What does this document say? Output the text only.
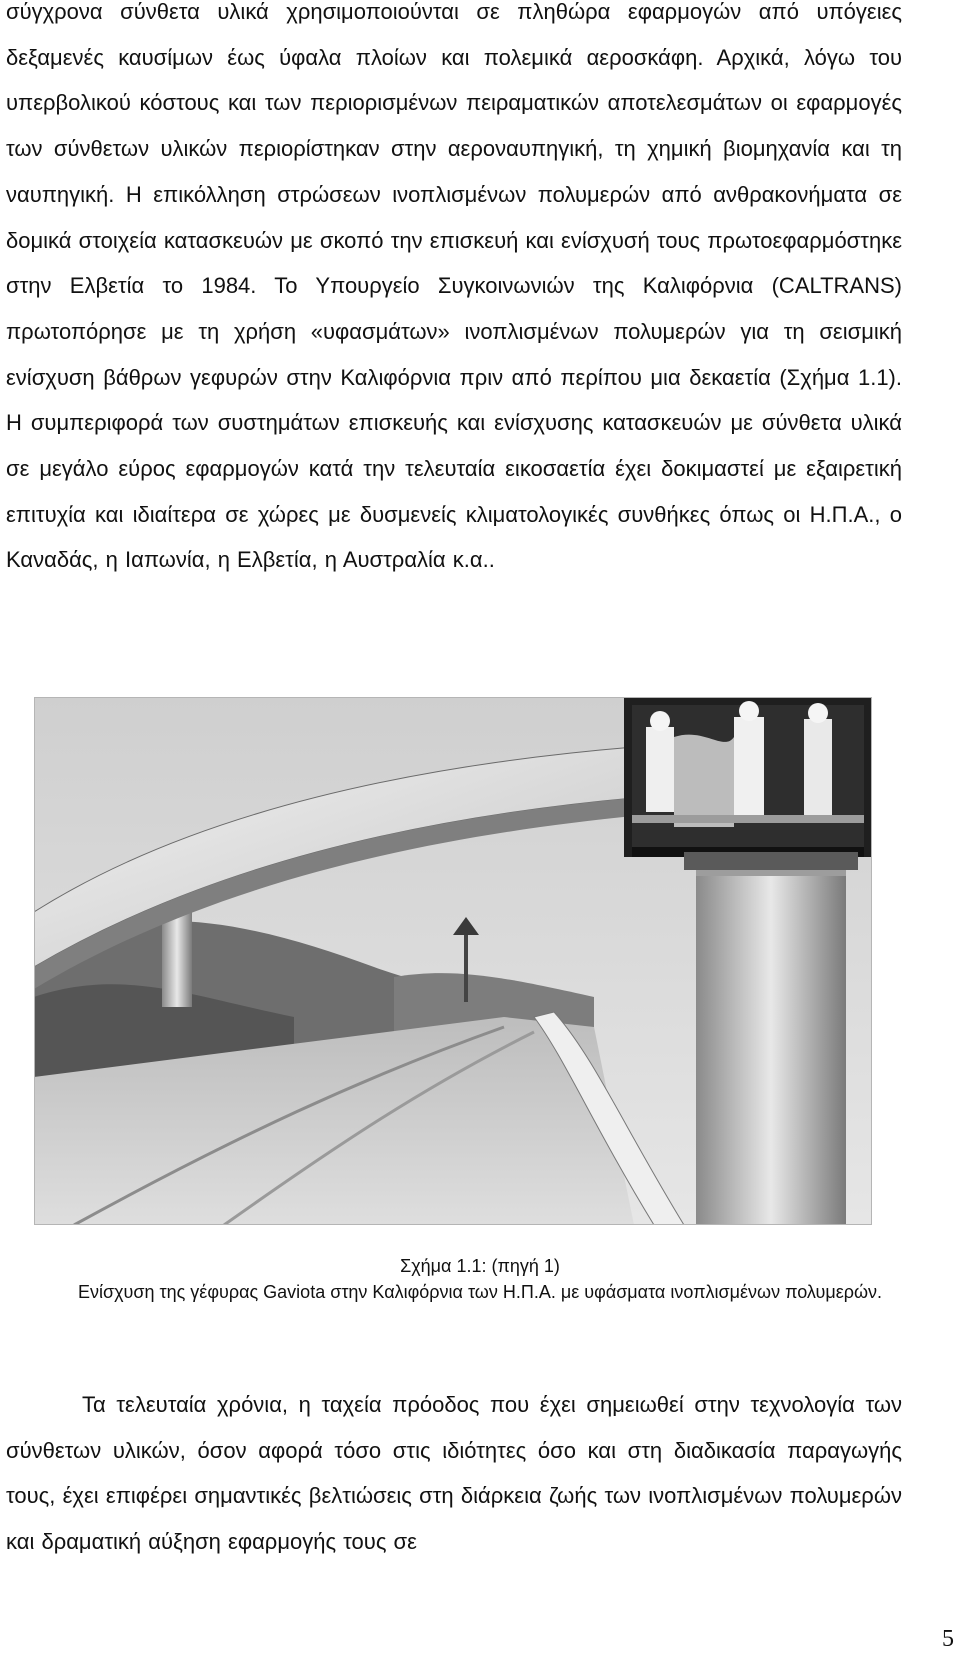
σύγχρονα σύνθετα υλικά χρησιμοποιούνται σε πληθώρα εφαρμογών από υπόγειες δεξαμενές καυσίμων έως ύφαλα πλοίων και πολεμικά αεροσκάφη. Αρχικά, λόγω του υπερβολικού κόστους και των περιορισμένων πειραματικών αποτελεσμάτων οι εφαρμογές των σύνθετων υλικών περιορίστηκαν στην αεροναυπηγική, τη χημική βιομηχανία και τη ναυπηγική. Η επικόλληση στρώσεων ινοπλισμένων πολυμερών από ανθρακονήματα σε δομικά στοιχεία κατασκευών με σκοπό την επισκευή και ενίσχυσή τους πρωτοεφαρμόστηκε στην Ελβετία το 1984. Το Υπουργείο Συγκοινωνιών της Καλιφόρνια (CALTRANS) πρωτοπόρησε με τη χρήση «υφασμάτων» ινοπλισμένων πολυμερών για τη σεισμική ενίσχυση βάθρων γεφυρών στην Καλιφόρνια πριν από περίπου μια δεκαετία (Σχήμα 1.1). Η συμπεριφορά των συστημάτων επισκευής και ενίσχυσης κατασκευών με σύνθετα υλικά σε μεγάλο εύρος εφαρμογών κατά την τελευταία εικοσαετία έχει δοκιμαστεί με εξαιρετική επιτυχία και ιδιαίτερα σε χώρες με δυσμενείς κλιματολογικές συνθήκες όπως οι Η.Π.Α., ο Καναδάς, η Ιαπωνία, η Ελβετία, η Αυστραλία κ.α..

Σχήμα 1.1: (πηγή 1)

Ενίσχυση της γέφυρας Gaviota στην Καλιφόρνια των Η.Π.Α. με υφάσματα ινοπλισμένων πολυμερών.

Τα τελευταία χρόνια, η ταχεία πρόοδος που έχει σημειωθεί στην τεχνολογία των σύνθετων υλικών, όσον αφορά τόσο στις ιδιότητες όσο και στη διαδικασία παραγωγής τους, έχει επιφέρει σημαντικές βελτιώσεις στη διάρκεια ζωής των ινοπλισμένων πολυμερών και δραματική αύξηση εφαρμογής τους σε

5
